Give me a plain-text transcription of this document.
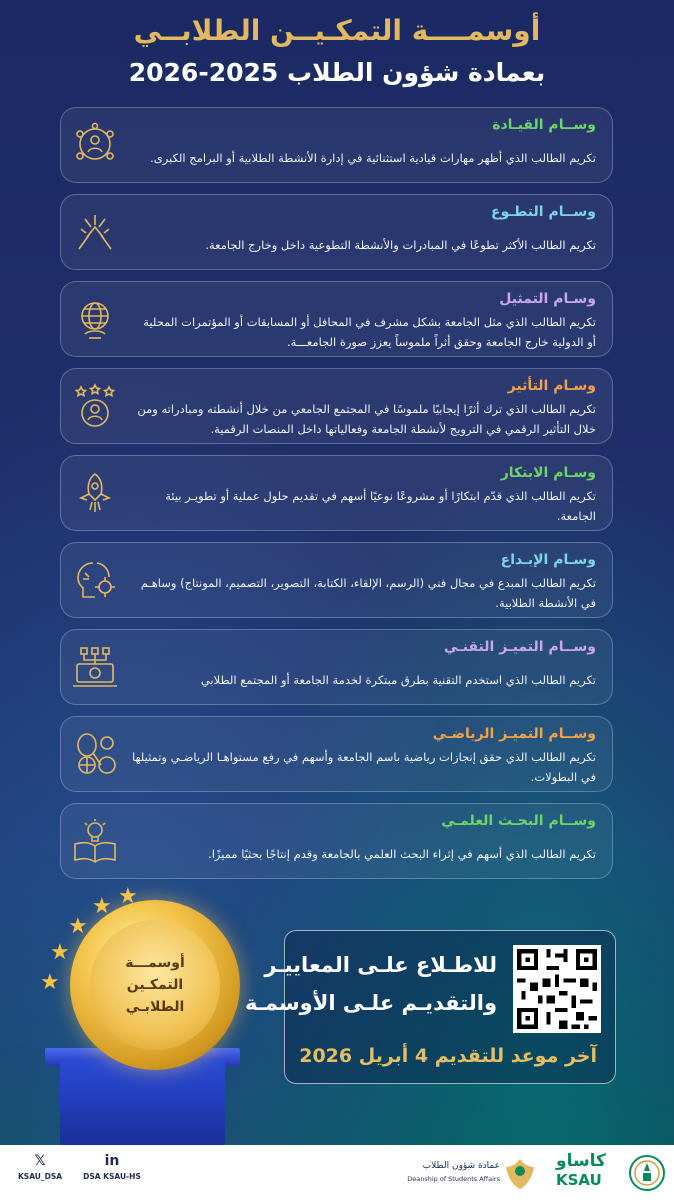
أوسمــــة التمكـيــن الطلابــي
بعمادة شؤون الطلاب 2025-2026
وســام القيـادة
تكريم الطالب الذي أظهر مهارات قيادية استثنائية في إدارة الأنشطة الطلابية أو البرامج الكبرى.
وســام التطـوع
تكريم الطالب الأكثر تطوعًا في المبادرات والأنشطة التطوعية داخل وخارج الجامعة.
وسـام التمثيل
تكريم الطالب الذي مثل الجامعة بشكل مشرف في المحافل أو المسابقات أو المؤتمرات المحلية أو الدولية خارج الجامعة وحقق أثراً ملموساً يعزز صورة الجامعـــة.
وسـام التأثير
تكريم الطالب الذي ترك أثرًا إيجابيًا ملموسًا في المجتمع الجامعي من خلال أنشطته ومبادراته ومن خلال التأثير الرقمي في الترويج لأنشطة الجامعة وفعالياتها داخل المنصات الرقمية.
وسـام الابتكار
تكريم الطالب الذي قدّم ابتكارًا أو مشروعًا نوعيًا أسهم في تقديم حلول عملية أو تطويـر بيئة الجامعة.
وسـام الإبـداع
تكريم الطالب المبدع في مجال فني (الرسم، الإلقاء، الكتابة، التصوير، التصميم، المونتاج) وساهـم في الأنشطة الطلابية.
وســام التميـز التقنـي
تكريم الطالب الذي استخدم التقنية بطرق مبتكرة لخدمة الجامعة أو المجتمع الطلابي
وســام التميـز الرياضـي
تكريم الطالب الذي حقق إنجازات رياضية باسم الجامعة وأسهم في رفع مستواهـا الرياضـي وتمثيلها في البطولات.
وســام البحـث العلمـي
تكريم الطالب الذي أسهم في إثراء البحث العلمي بالجامعة وقدم إنتاجًا بحثيًا مميزًا.
أوسمـــة
التمكـين
الطلابـي
★
★
★
★ ★
للاطـلاع علـى المعاييـر
والتقديـم علـى الأوسمـة
آخر موعد للتقديم 4 أبريل 2026
𝕏
KSAU_DSA
in
DSA KSAU-HS
عمادة شؤون الطلاب
Deanship of Students Affairs
كاساو
KSAU
